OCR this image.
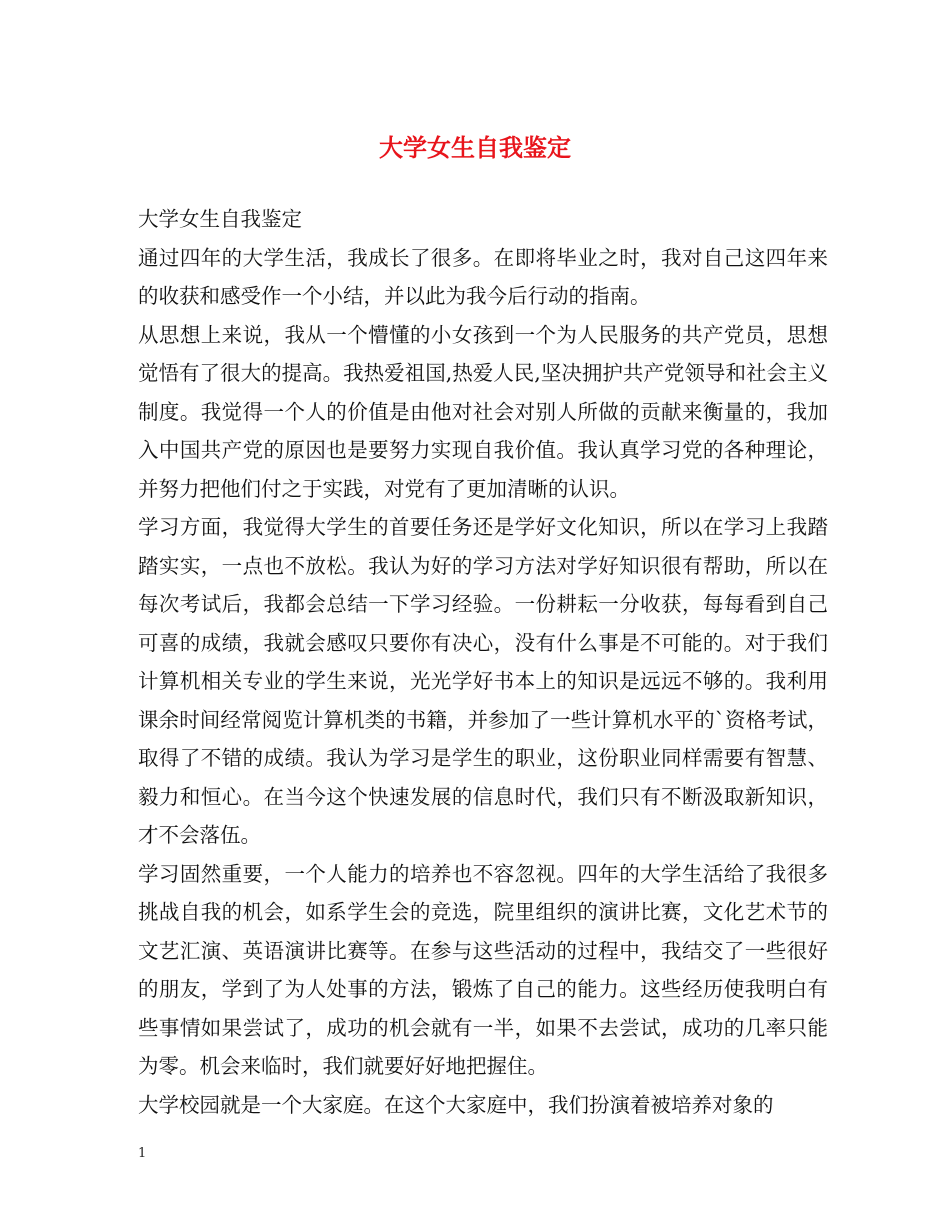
大学女生自我鉴定

大学女生自我鉴定

通过四年的大学生活，我成长了很多。在即将毕业之时，我对自己这四年来的收获和感受作一个小结，并以此为我今后行动的指南。

从思想上来说，我从一个懵懂的小女孩到一个为人民服务的共产党员，思想觉悟有了很大的提高。我热爱祖国,热爱人民,坚决拥护共产党领导和社会主义制度。我觉得一个人的价值是由他对社会对别人所做的贡献来衡量的，我加入中国共产党的原因也是要努力实现自我价值。我认真学习党的各种理论，并努力把他们付之于实践，对党有了更加清晰的认识。

学习方面，我觉得大学生的首要任务还是学好文化知识，所以在学习上我踏踏实实，一点也不放松。我认为好的学习方法对学好知识很有帮助，所以在每次考试后，我都会总结一下学习经验。一份耕耘一分收获，每每看到自己可喜的成绩，我就会感叹只要你有决心，没有什么事是不可能的。对于我们计算机相关专业的学生来说，光光学好书本上的知识是远远不够的。我利用课余时间经常阅览计算机类的书籍，并参加了一些计算机水平的`资格考试，取得了不错的成绩。我认为学习是学生的职业，这份职业同样需要有智慧、毅力和恒心。在当今这个快速发展的信息时代，我们只有不断汲取新知识，才不会落伍。

学习固然重要，一个人能力的培养也不容忽视。四年的大学生活给了我很多挑战自我的机会，如系学生会的竞选，院里组织的演讲比赛，文化艺术节的文艺汇演、英语演讲比赛等。在参与这些活动的过程中，我结交了一些很好的朋友，学到了为人处事的方法，锻炼了自己的能力。这些经历使我明白有些事情如果尝试了，成功的机会就有一半，如果不去尝试，成功的几率只能为零。机会来临时，我们就要好好地把握住。

大学校园就是一个大家庭。在这个大家庭中，我们扮演着被培养对象的

1
